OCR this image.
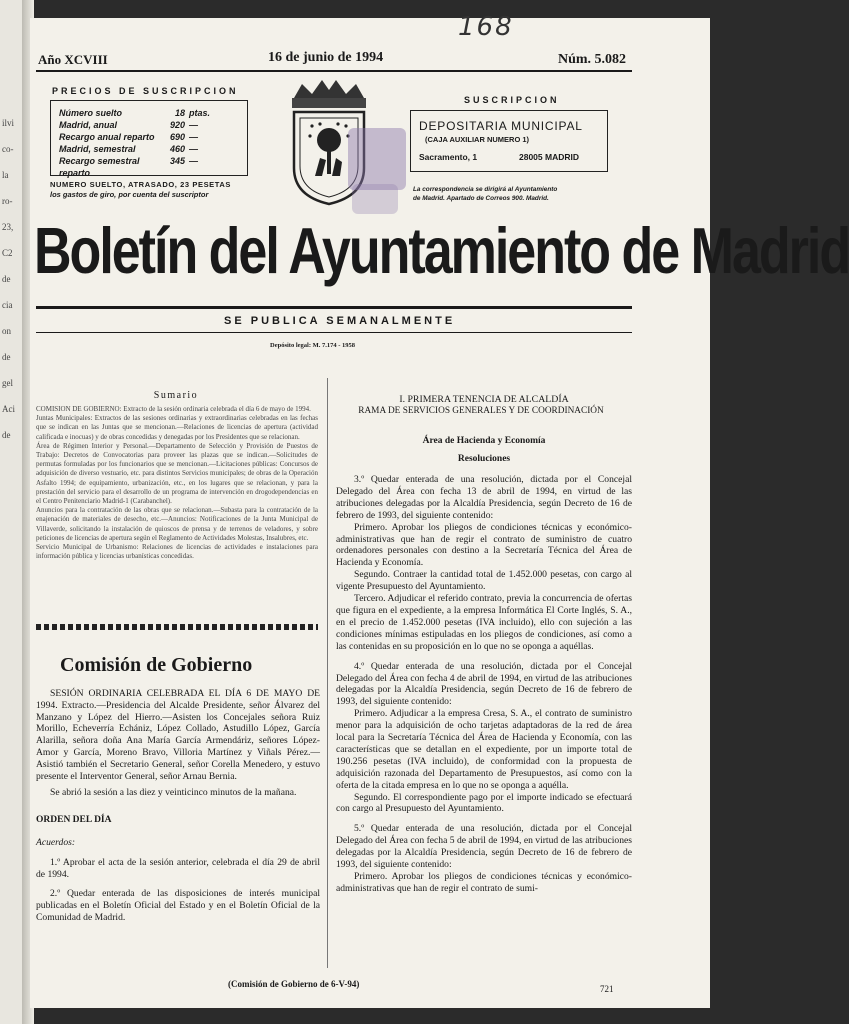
ilvi
co-
la
ro-
23,
C2
de
cia
on
de
gel
Aci
de
168
Año XCVIII	16 de junio de 1994	Núm. 5.082
PRECIOS DE SUSCRIPCION
Número suelto	18 ptas.
Madrid, anual	920 —
Recargo anual reparto	690 —
Madrid, semestral	460 —
Recargo semestral reparto
345 —
NUMERO SUELTO, ATRASADO, 23 PESETAS
los gastos de giro, por cuenta del suscriptor
SUSCRIPCION
DEPOSITARIA MUNICIPAL
(CAJA AUXILIAR NUMERO 1)
Sacramento, 1	28005 MADRID
La correspondencia se dirigirá al Ayuntamiento
de Madrid. Apartado de Correos 900. Madrid.
Boletín del Ayuntamiento de Madrid
SE PUBLICA SEMANALMENTE
Depósito legal: M. 7.174 - 1958
Sumario

COMISION DE GOBIERNO: Extracto de la sesión ordinaria celebrada el día 6 de mayo de 1994.

Juntas Municipales: Extractos de las sesiones ordinarias y extraordinarias celebradas en las fechas que se indican en las Juntas que se mencionan.—Relaciones de licencias de apertura (actividad calificada e inocuas) y de obras concedidas y denegadas por los Presidentes que se relacionan.

Área de Régimen Interior y Personal.—Departamento de Selección y Provisión de Puestos de Trabajo: Decretos de Convocatorias para proveer las plazas que se indican.—Solicitudes de permutas formuladas por los funcionarios que se mencionan.—Licitaciones públicas: Concursos de adquisición de diverso vestuario, etc. para distintos Servicios municipales; de obras de la Operación Asfalto 1994; de equipamiento, urbanización, etc., en los lugares que se relacionan, y para la prestación del servicio para el desarrollo de un programa de intervención en drogodependencias en el Centro Penitenciario Madrid-1 (Carabanchel).

Anuncios para la contratación de las obras que se relacionan.—Subasta para la contratación de la enajenación de materiales de desecho, etc.—Anuncios: Notificaciones de la Junta Municipal de Villaverde, solicitando la instalación de quioscos de prensa y de terrenos de veladores, y sobre peticiones de licencias de apertura según el Reglamento de Actividades Molestas, Insalubres, etc.

Servicio Municipal de Urbanismo: Relaciones de licencias de actividades e instalaciones para información pública y licencias urbanísticas concedidas.

Comisión de Gobierno

SESIÓN ORDINARIA CELEBRADA EL DÍA 6 DE MAYO DE 1994. Extracto.—Presidencia del Alcalde Presidente, señor Álvarez del Manzano y López del Hierro.—Asisten los Concejales señora Ruiz Morillo, Echeverría Echániz, López Collado, Astudillo López, García Alarilla, señora doña Ana María García Armendáriz, señores López-Amor y García, Moreno Bravo, Villoria Martínez y Viñals Pérez.—Asistió también el Secretario General, señor Corella Menedero, y estuvo presente el Interventor General, señor Arnau Bernia.

Se abrió la sesión a las diez y veinticinco minutos de la mañana.

ORDEN DEL DÍA

Acuerdos:

1.º Aprobar el acta de la sesión anterior, celebrada el día 29 de abril de 1994.

2.º Quedar enterada de las disposiciones de interés municipal publicadas en el Boletín Oficial del Estado y en el Boletín Oficial de la Comunidad de Madrid.

I. PRIMERA TENENCIA DE ALCALDÍA
RAMA DE SERVICIOS GENERALES Y DE COORDINACIÓN
Área de Hacienda y Economía
Resoluciones

3.º Quedar enterada de una resolución, dictada por el Concejal Delegado del Área con fecha 13 de abril de 1994, en virtud de las atribuciones delegadas por la Alcaldía Presidencia, según Decreto de 16 de febrero de 1993, del siguiente contenido:

Primero. Aprobar los pliegos de condiciones técnicas y económico-administrativas que han de regir el contrato de suministro de cuatro ordenadores personales con destino a la Secretaría Técnica del Área de Hacienda y Economía.

Segundo. Contraer la cantidad total de 1.452.000 pesetas, con cargo al vigente Presupuesto del Ayuntamiento.

Tercero. Adjudicar el referido contrato, previa la concurrencia de ofertas que figura en el expediente, a la empresa Informática El Corte Inglés, S. A., en el precio de 1.452.000 pesetas (IVA incluido), ello con sujeción a las condiciones mínimas estipuladas en los pliegos de condiciones, así como a las contenidas en su proposición en lo que no se oponga a aquéllas.

4.º Quedar enterada de una resolución, dictada por el Concejal Delegado del Área con fecha 4 de abril de 1994, en virtud de las atribuciones delegadas por la Alcaldía Presidencia, según Decreto de 16 de febrero de 1993, del siguiente contenido:

Primero. Adjudicar a la empresa Cresa, S. A., el contrato de suministro menor para la adquisición de ocho tarjetas adaptadoras de la red de área local para la Secretaría Técnica del Área de Hacienda y Economía, con las características que se detallan en el expediente, por un importe total de 190.256 pesetas (IVA incluido), de conformidad con la propuesta de adquisición razonada del Departamento de Presupuestos, así como con la oferta de la citada empresa en lo que no se oponga a aquélla.

Segundo. El correspondiente pago por el importe indicado se efectuará con cargo al Presupuesto del Ayuntamiento.

5.º Quedar enterada de una resolución, dictada por el Concejal Delegado del Área con fecha 5 de abril de 1994, en virtud de las atribuciones delegadas por la Alcaldía Presidencia, según Decreto de 16 de febrero de 1993, del siguiente contenido:

Primero. Aprobar los pliegos de condiciones técnicas y económico-administrativas que han de regir el contrato de sumi-

(Comisión de Gobierno de 6-V-94)	721
